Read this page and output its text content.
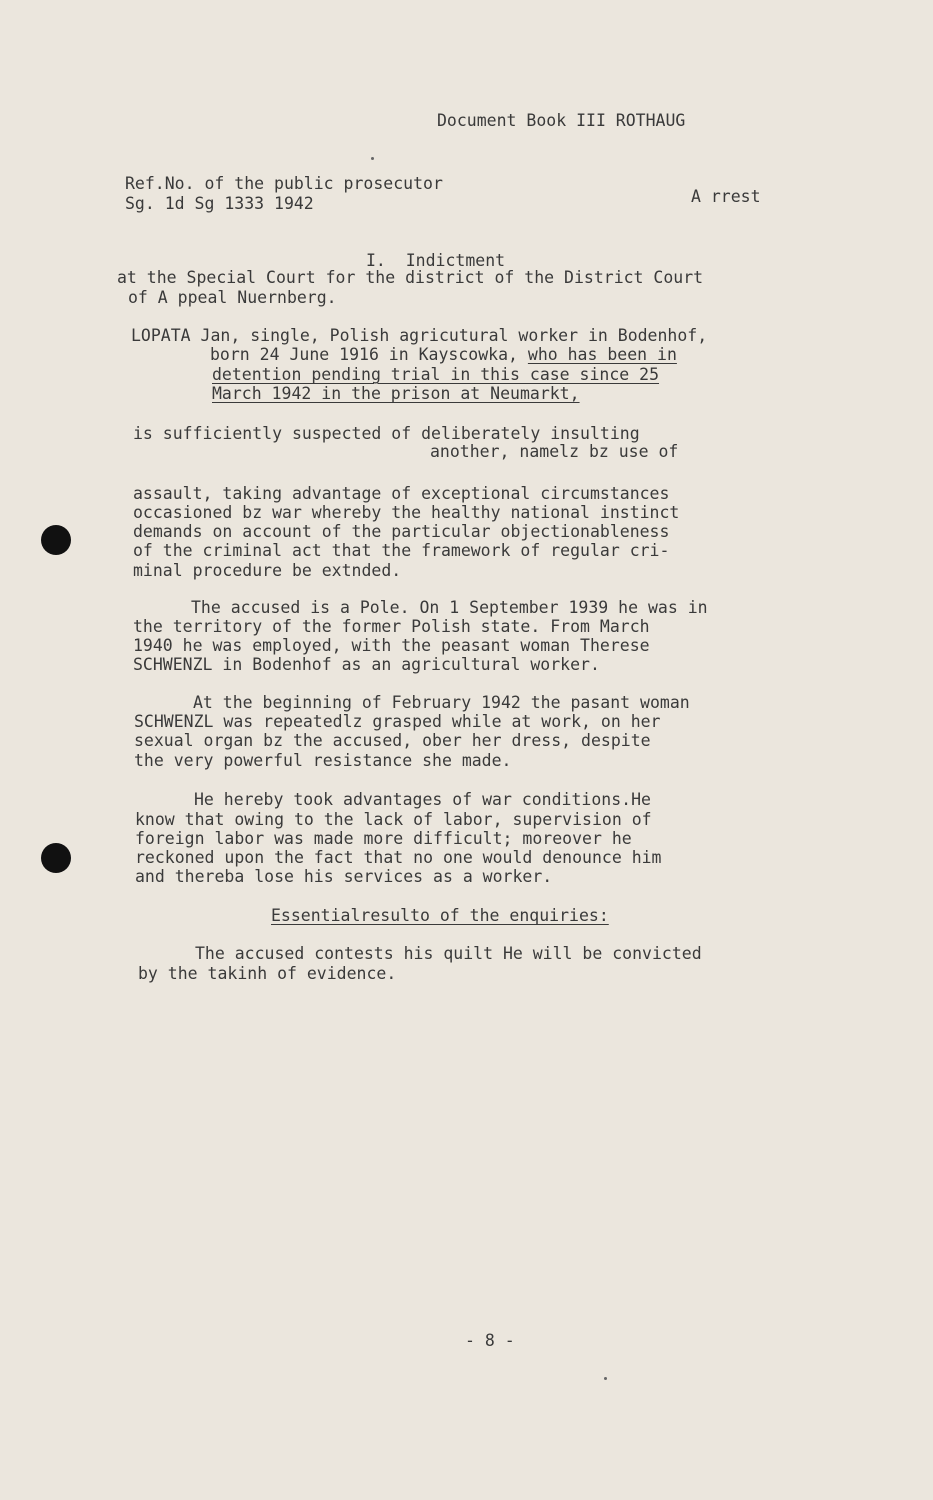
Document Book III ROTHAUG
Ref.No. of the public prosecutor
Sg. 1d Sg 1333 1942	A rrest
I.  Indictment
at the Special Court for the district of the District Court
of A ppeal Nuernberg.
LOPATA Jan, single, Polish agricutural worker in Bodenhof,
born 24 June 1916 in Kayscowka, who has been in
detention pending trial in this case since 25
March 1942 in the prison at Neumarkt,
is sufficiently suspected of deliberately insulting
another, namelz bz use of
assault, taking advantage of exceptional circumstances
occasioned bz war whereby the healthy national instinct
demands on account of the particular objectionableness
of the criminal act that the framework of regular cri-
minal procedure be extnded.
The accused is a Pole. On 1 September 1939 he was in
the territory of the former Polish state. From March
1940 he was employed, with the peasant woman Therese
SCHWENZL in Bodenhof as an agricultural worker.
At the beginning of February 1942 the pasant woman
SCHWENZL was repeatedlz grasped while at work, on her
sexual organ bz the accused, ober her dress, despite
the very powerful resistance she made.
He hereby took advantages of war conditions.He
know that owing to the lack of labor, supervision of
foreign labor was made more difficult; moreover he
reckoned upon the fact that no one would denounce him
and thereba lose his services as a worker.
Essentialresulto of the enquiries:
The accused contests his quilt He will be convicted
by the takinh of evidence.
- 8 -
